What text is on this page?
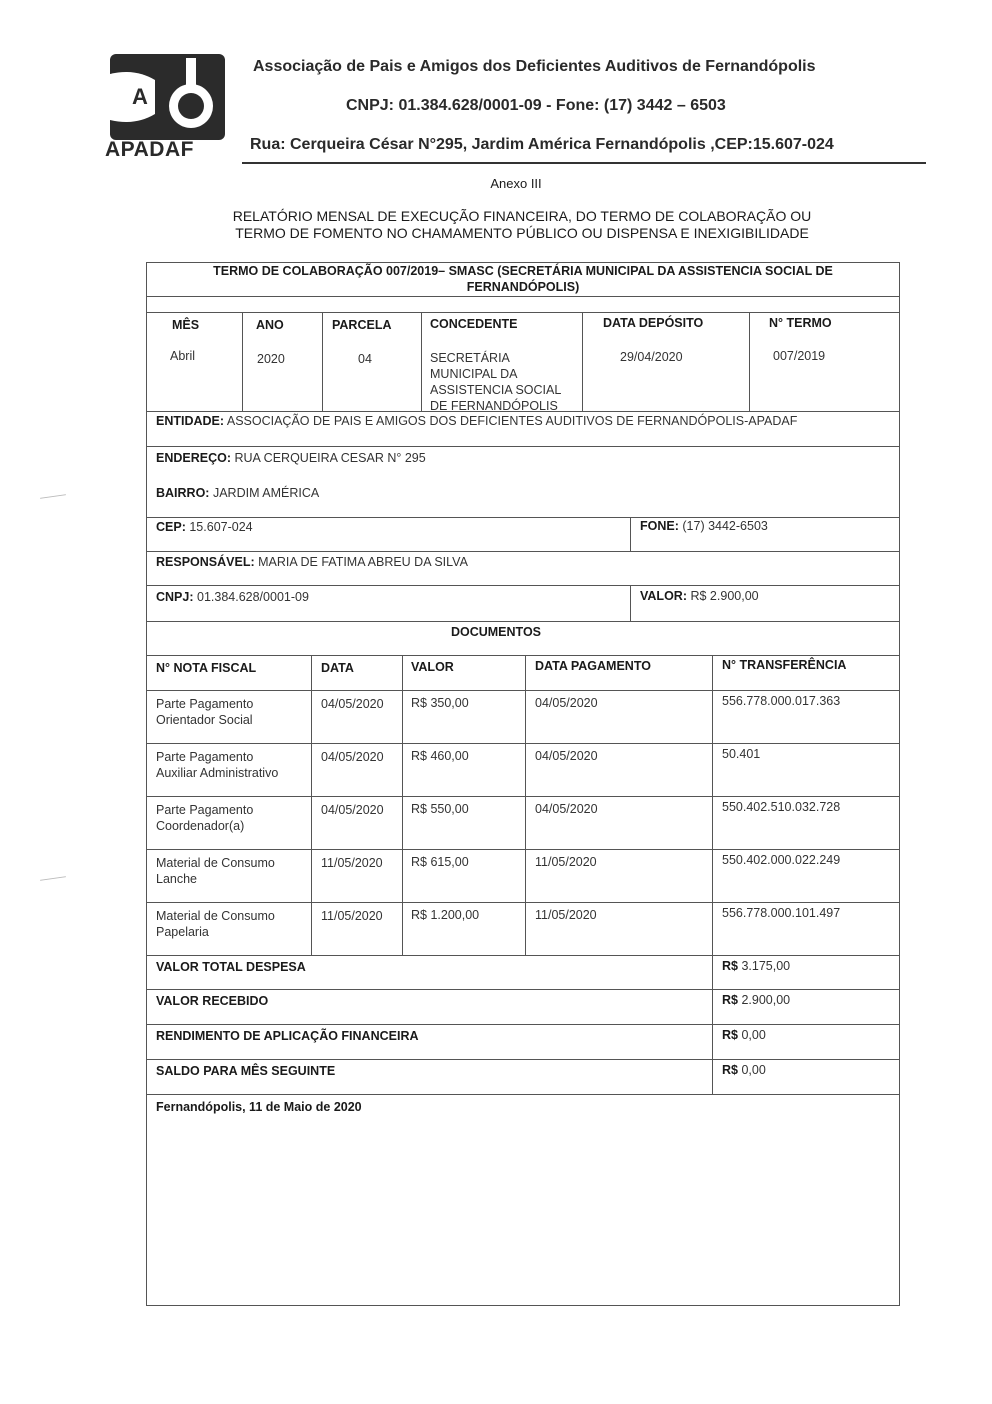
A
APADAF
Associação de Pais e Amigos dos Deficientes Auditivos de Fernandópolis
CNPJ: 01.384.628/0001-09 - Fone: (17) 3442 – 6503
Rua: Cerqueira César N°295, Jardim América Fernandópolis ,CEP:15.607-024
Anexo III
RELATÓRIO MENSAL DE EXECUÇÃO FINANCEIRA, DO TERMO DE COLABORAÇÃO OU
TERMO DE FOMENTO NO CHAMAMENTO PÚBLICO OU DISPENSA E INEXIGIBILIDADE
TERMO DE COLABORAÇÃO 007/2019– SMASC (SECRETÁRIA MUNICIPAL DA ASSISTENCIA SOCIAL DE
FERNANDÓPOLIS)
MÊS	ANO	PARCELA	CONCEDENTE	DATA DEPÓSITO	N° TERMO
Abril	2020	04	SECRETÁRIA
MUNICIPAL DA
ASSISTENCIA SOCIAL
DE FERNANDÓPOLIS
29/04/2020	007/2019
ENTIDADE: ASSOCIAÇÃO DE PAIS E AMIGOS DOS DEFICIENTES AUDITIVOS DE FERNANDÓPOLIS-APADAF
ENDEREÇO: RUA CERQUEIRA CESAR N° 295
BAIRRO: JARDIM AMÉRICA
CEP: 15.607-024	FONE: (17) 3442-6503
RESPONSÁVEL: MARIA DE FATIMA ABREU DA SILVA
CNPJ: 01.384.628/0001-09	VALOR: R$ 2.900,00
DOCUMENTOS
N° NOTA FISCAL	DATA	VALOR	DATA PAGAMENTO	N° TRANSFERÊNCIA
Parte Pagamento
Orientador Social
04/05/2020 R$ 350,00	04/05/2020	556.778.000.017.363
Parte Pagamento
Auxiliar Administrativo
04/05/2020 R$ 460,00	04/05/2020	50.401
Parte Pagamento
Coordenador(a)
04/05/2020 R$ 550,00	04/05/2020	550.402.510.032.728
Material de Consumo
Lanche
11/05/2020 R$ 615,00	11/05/2020	550.402.000.022.249
Material de Consumo
Papelaria
11/05/2020 R$ 1.200,00	11/05/2020	556.778.000.101.497
VALOR TOTAL DESPESA	R$ 3.175,00
VALOR RECEBIDO	R$ 2.900,00
RENDIMENTO DE APLICAÇÃO FINANCEIRA	R$ 0,00
SALDO PARA MÊS SEGUINTE	R$ 0,00
Fernandópolis, 11 de Maio de 2020
